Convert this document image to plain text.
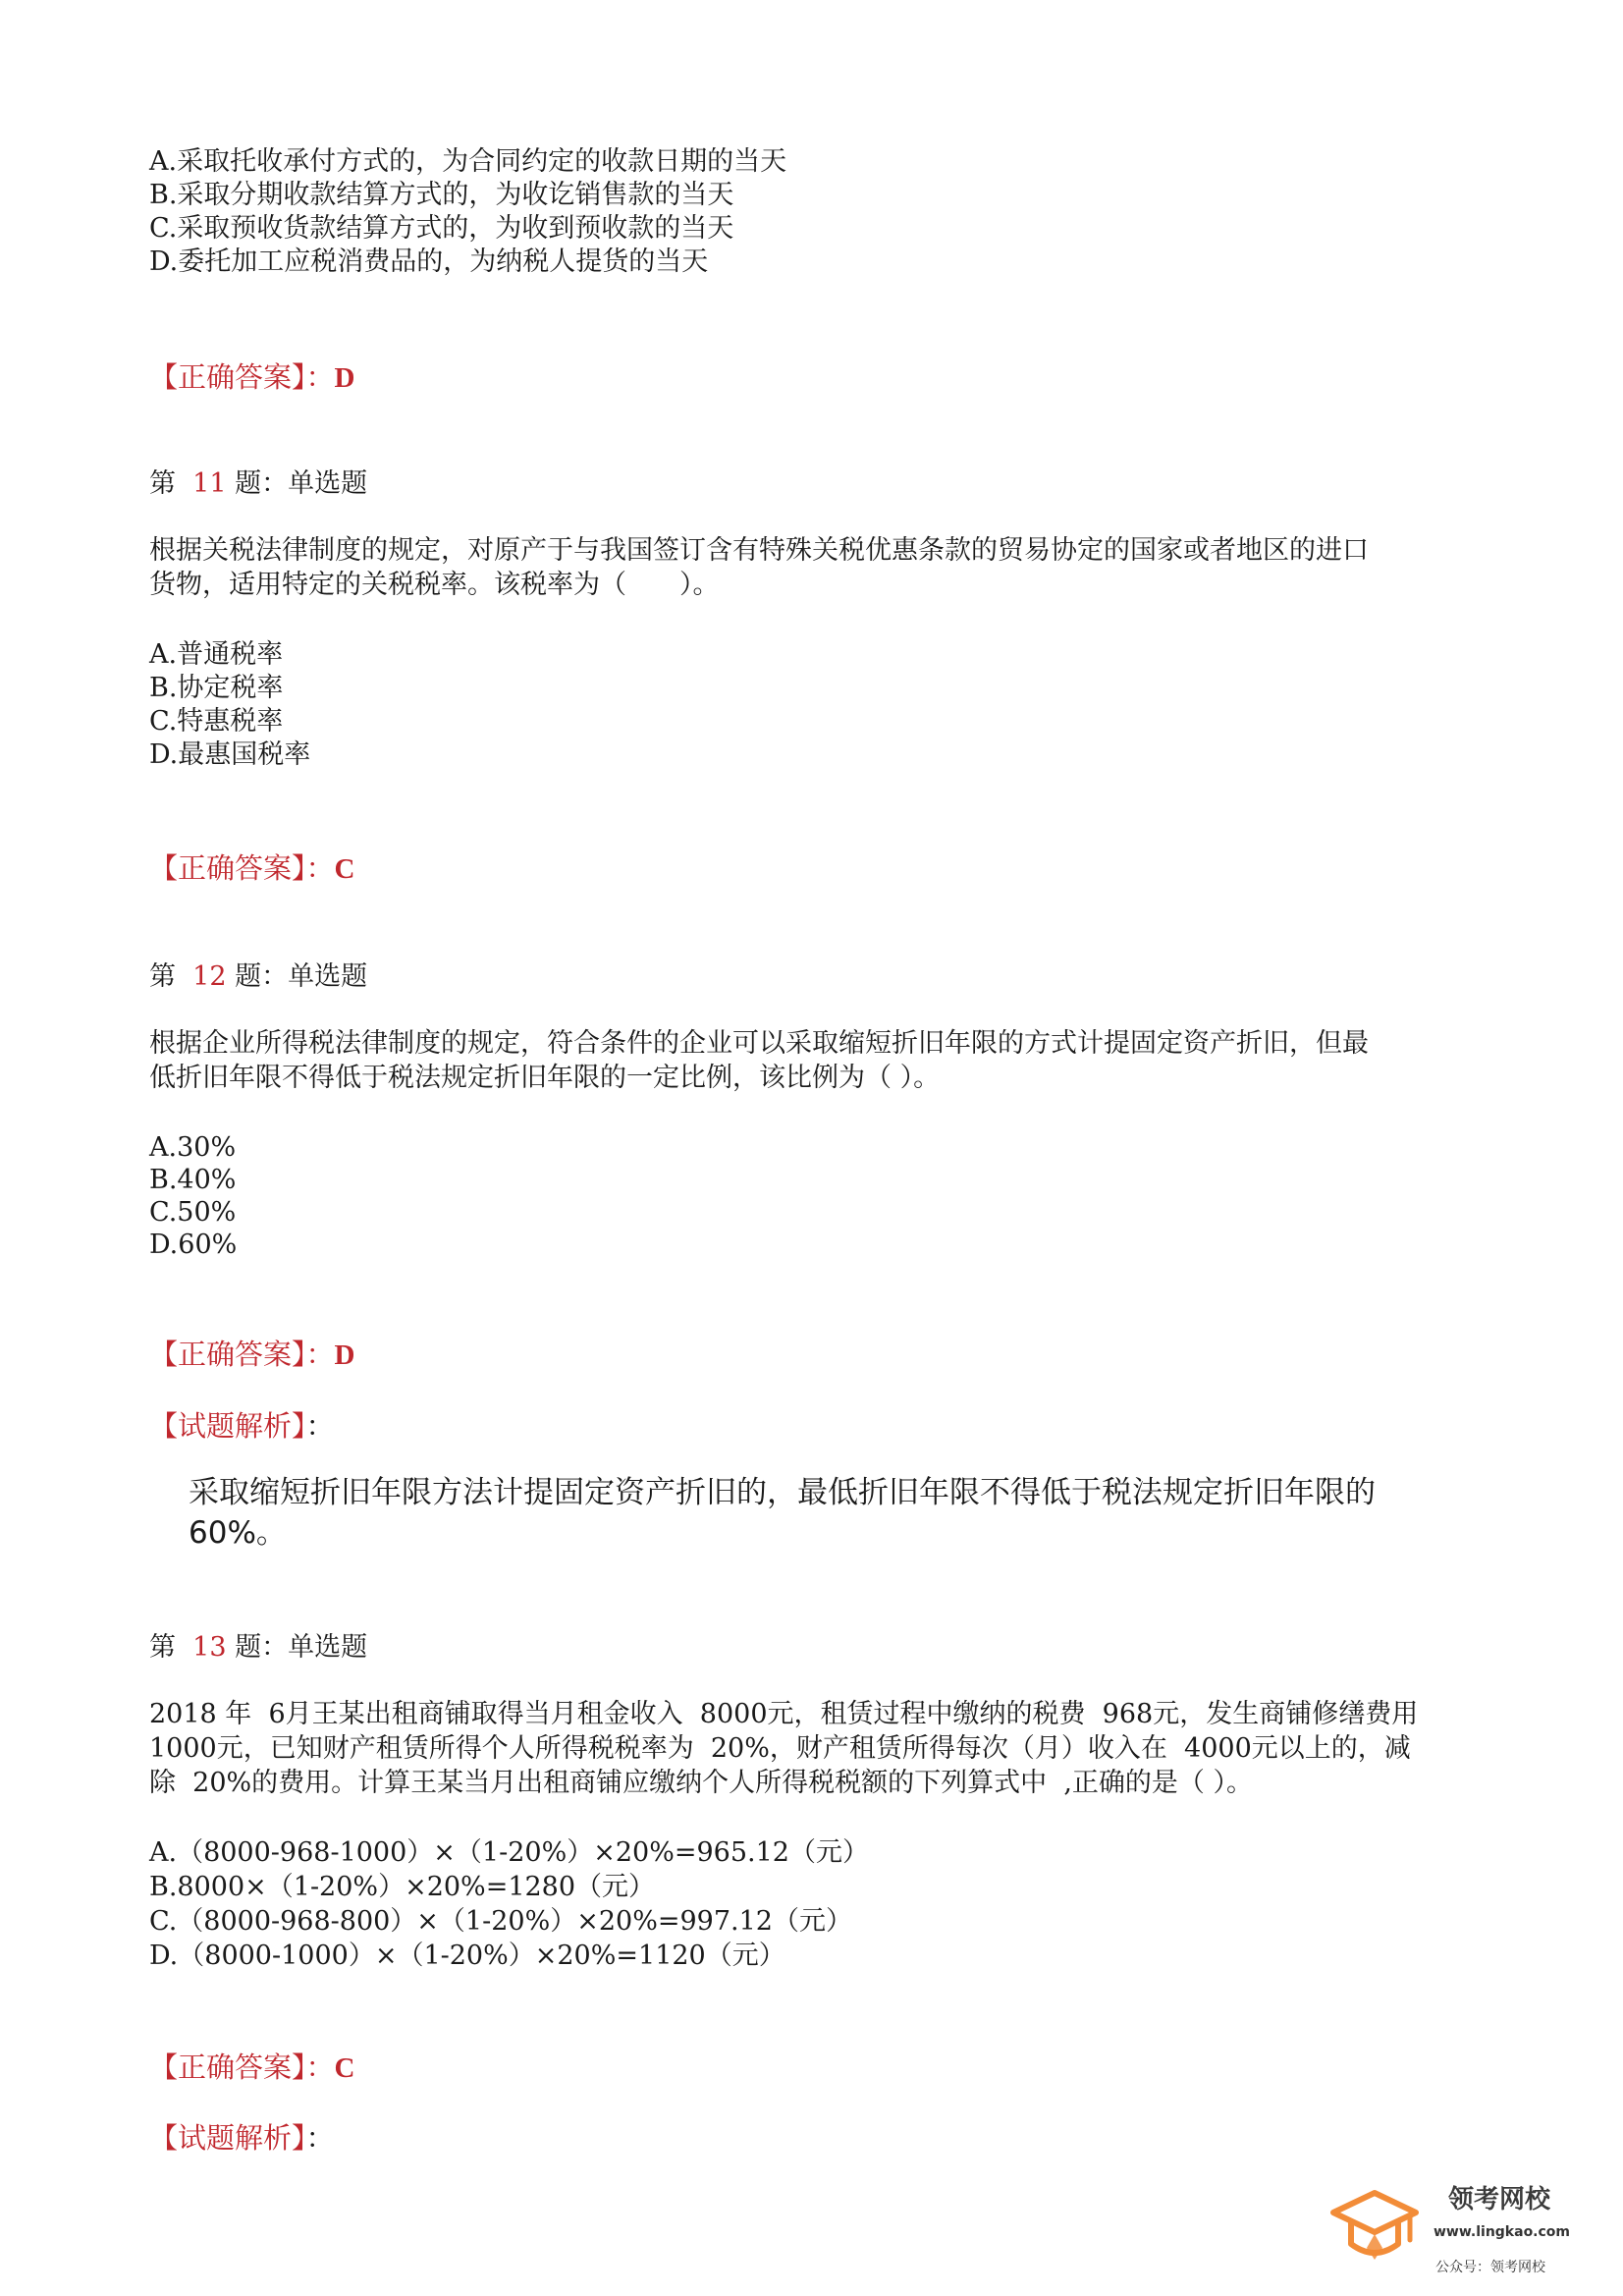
A.采取托收承付方式的，为合同约定的收款日期的当天
B.采取分期收款结算方式的，为收讫销售款的当天
C.采取预收货款结算方式的，为收到预收款的当天
D.委托加工应税消费品的，为纳税人提货的当天
【正确答案】：D
第 11 题：单选题
根据关税法律制度的规定，对原产于与我国签订含有特殊关税优惠条款的贸易协定的国家或者地区的进口
货物，适用特定的关税税率。该税率为（　　）。
A.普通税率
B.协定税率
C.特惠税率
D.最惠国税率
【正确答案】：C
第 12 题：单选题
根据企业所得税法律制度的规定，符合条件的企业可以采取缩短折旧年限的方式计提固定资产折旧，但最
低折旧年限不得低于税法规定折旧年限的一定比例，该比例为（ ）。
A.30%
B.40%
C.50%
D.60%
【正确答案】：D
【试题解析】：
采取缩短折旧年限方法计提固定资产折旧的，最低折旧年限不得低于税法规定折旧年限的
60%。
第 13 题：单选题
2018 年  6月王某出租商铺取得当月租金收入  8000元，租赁过程中缴纳的税费  968元，发生商铺修缮费用
1000元，已知财产租赁所得个人所得税税率为  20%，财产租赁所得每次（月）收入在  4000元以上的，减
除  20%的费用。计算王某当月出租商铺应缴纳个人所得税税额的下列算式中  ,正确的是（ ）。
A.（8000-968-1000）×（1-20%）×20%=965.12（元）
B.8000×（1-20%）×20%=1280（元）
C.（8000-968-800）×（1-20%）×20%=997.12（元）
D.（8000-1000）×（1-20%）×20%=1120（元）
【正确答案】：C
【试题解析】：
领考网校
www.lingkao.com
公众号：领考网校
